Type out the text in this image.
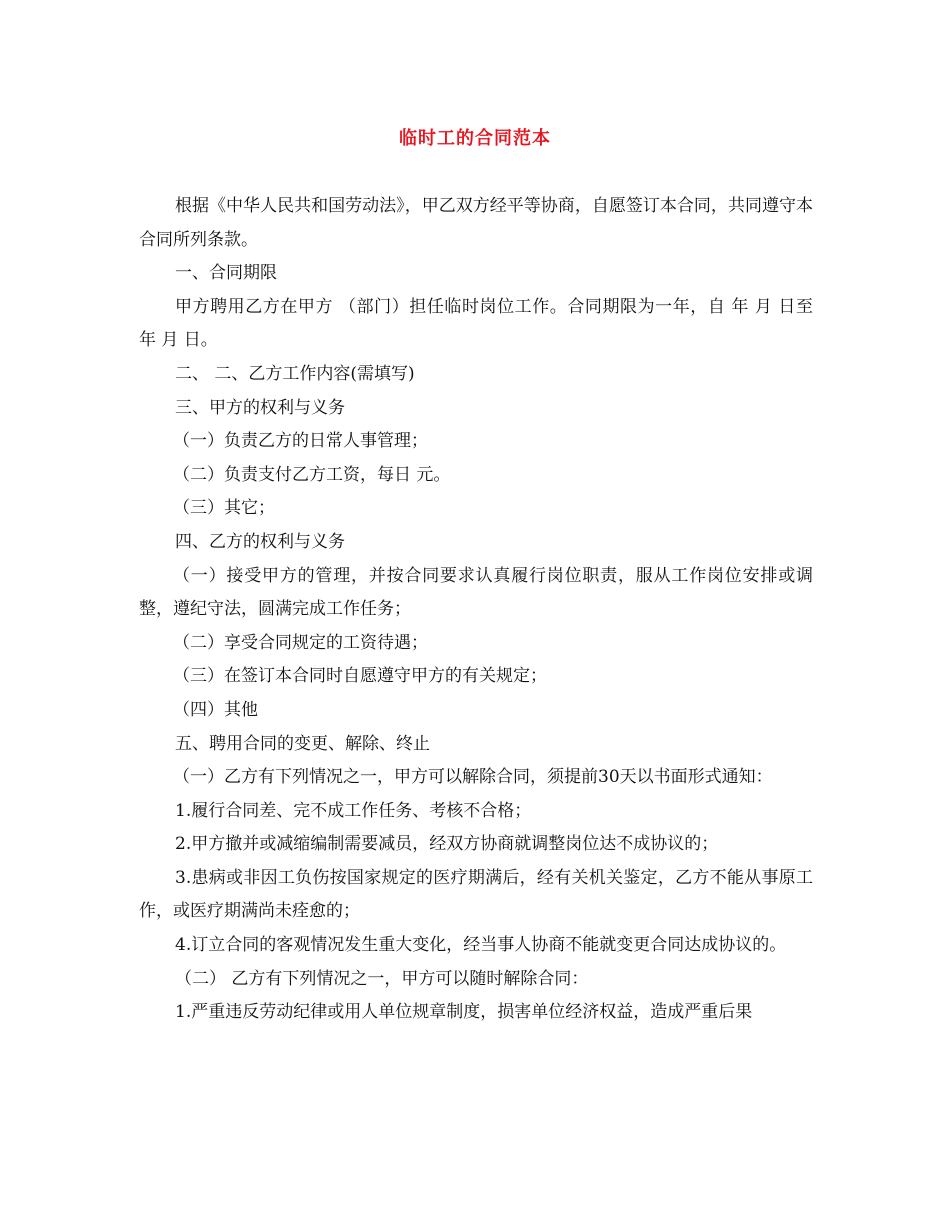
临时工的合同范本

根据《中华人民共和国劳动法》，甲乙双方经平等协商，自愿签订本合同，共同遵守本合同所列条款。

一、合同期限

甲方聘用乙方在甲方 （部门）担任临时岗位工作。合同期限为一年，自 年 月 日至 年 月 日。

二、 二、乙方工作内容(需填写)

三、甲方的权利与义务

（一）负责乙方的日常人事管理；

（二）负责支付乙方工资，每日 元。

（三）其它；

四、乙方的权利与义务

（一）接受甲方的管理，并按合同要求认真履行岗位职责，服从工作岗位安排或调整，遵纪守法，圆满完成工作任务；

（二）享受合同规定的工资待遇；

（三）在签订本合同时自愿遵守甲方的有关规定；

（四）其他

五、聘用合同的变更、解除、终止

（一）乙方有下列情况之一，甲方可以解除合同，须提前30天以书面形式通知：

1.履行合同差、完不成工作任务、考核不合格；

2.甲方撤并或减缩编制需要减员，经双方协商就调整岗位达不成协议的；

3.患病或非因工负伤按国家规定的医疗期满后，经有关机关鉴定，乙方不能从事原工作，或医疗期满尚未痊愈的；

4.订立合同的客观情况发生重大变化，经当事人协商不能就变更合同达成协议的。

（二） 乙方有下列情况之一，甲方可以随时解除合同：

1.严重违反劳动纪律或用人单位规章制度，损害单位经济权益，造成严重后果
